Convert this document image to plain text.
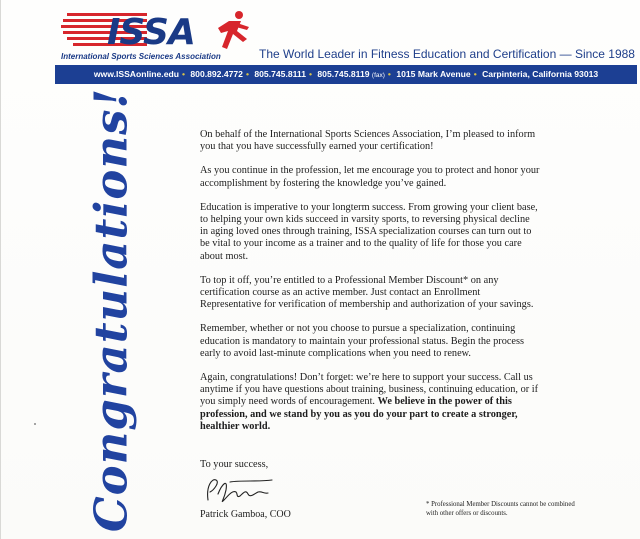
ISSA
International Sports Sciences Association	The World Leader in Fitness Education and Certification — Since 1988
www.ISSAonline.edu • 800.892.4772 • 805.745.8111 • 805.745.8119 (fax) • 1015 Mark Avenue • Carpinteria, California 93013
Congratulations!	On behalf of the International Sports Sciences Association, I’m pleased to inform you that you have successfully earned your certification!

As you continue in the profession, let me encourage you to protect and honor your accomplishment by fostering the knowledge you’ve gained.

Education is imperative to your longterm success. From growing your client base, to helping your own kids succeed in varsity sports, to reversing physical decline in aging loved ones through training, ISSA specialization courses can turn out to be vital to your income as a trainer and to the quality of life for those you care about most.

To top it off, you’re entitled to a Professional Member Discount* on any certification course as an active member. Just contact an Enrollment Representative for verification of membership and authorization of your savings.

Remember, whether or not you choose to pursue a specialization, continuing education is mandatory to maintain your professional status. Begin the process early to avoid last-minute complications when you need to renew.

Again, congratulations! Don’t forget: we’re here to support your success. Call us anytime if you have questions about training, business, continuing education, or if you simply need words of encouragement. We believe in the power of this profession, and we stand by you as you do your part to create a stronger, healthier world.

To your success,
Patrick Gamboa, COO
* Professional Member Discounts cannot be combined with other offers or discounts.
